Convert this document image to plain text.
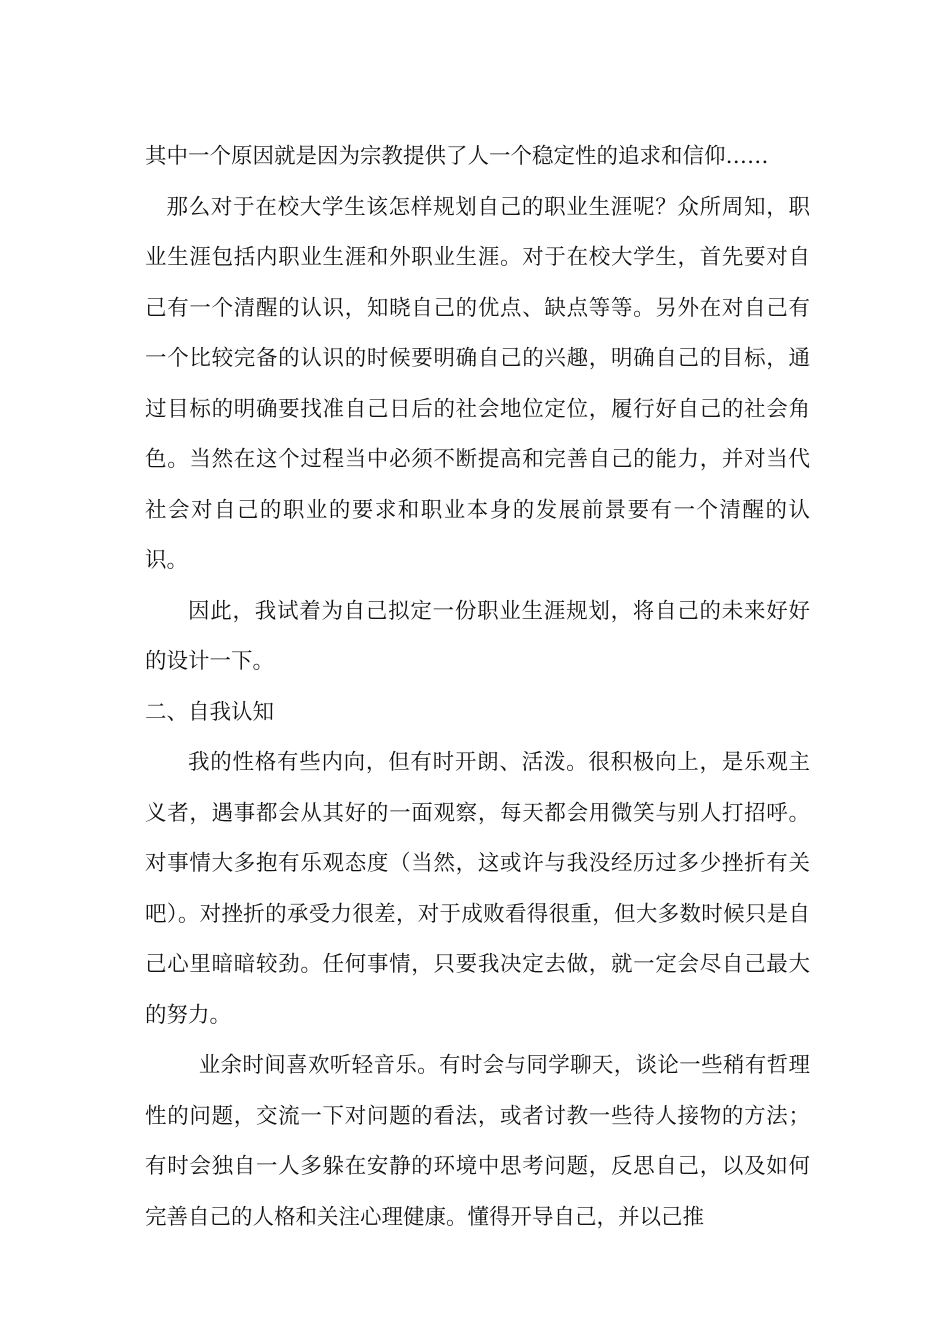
其中一个原因就是因为宗教提供了人一个稳定性的追求和信仰……

那么对于在校大学生该怎样规划自己的职业生涯呢？众所周知，职业生涯包括内职业生涯和外职业生涯。对于在校大学生，首先要对自己有一个清醒的认识，知晓自己的优点、缺点等等。另外在对自己有一个比较完备的认识的时候要明确自己的兴趣，明确自己的目标，通过目标的明确要找准自己日后的社会地位定位，履行好自己的社会角色。当然在这个过程当中必须不断提高和完善自己的能力，并对当代社会对自己的职业的要求和职业本身的发展前景要有一个清醒的认识。

因此，我试着为自己拟定一份职业生涯规划，将自己的未来好好的设计一下。

二、自我认知

我的性格有些内向，但有时开朗、活泼。很积极向上，是乐观主义者，遇事都会从其好的一面观察，每天都会用微笑与别人打招呼。对事情大多抱有乐观态度（当然，这或许与我没经历过多少挫折有关吧）。对挫折的承受力很差，对于成败看得很重，但大多数时候只是自己心里暗暗较劲。任何事情，只要我决定去做，就一定会尽自己最大的努力。

业余时间喜欢听轻音乐。有时会与同学聊天，谈论一些稍有哲理性的问题，交流一下对问题的看法，或者讨教一些待人接物的方法；有时会独自一人多躲在安静的环境中思考问题，反思自己，以及如何完善自己的人格和关注心理健康。懂得开导自己，并以己推
